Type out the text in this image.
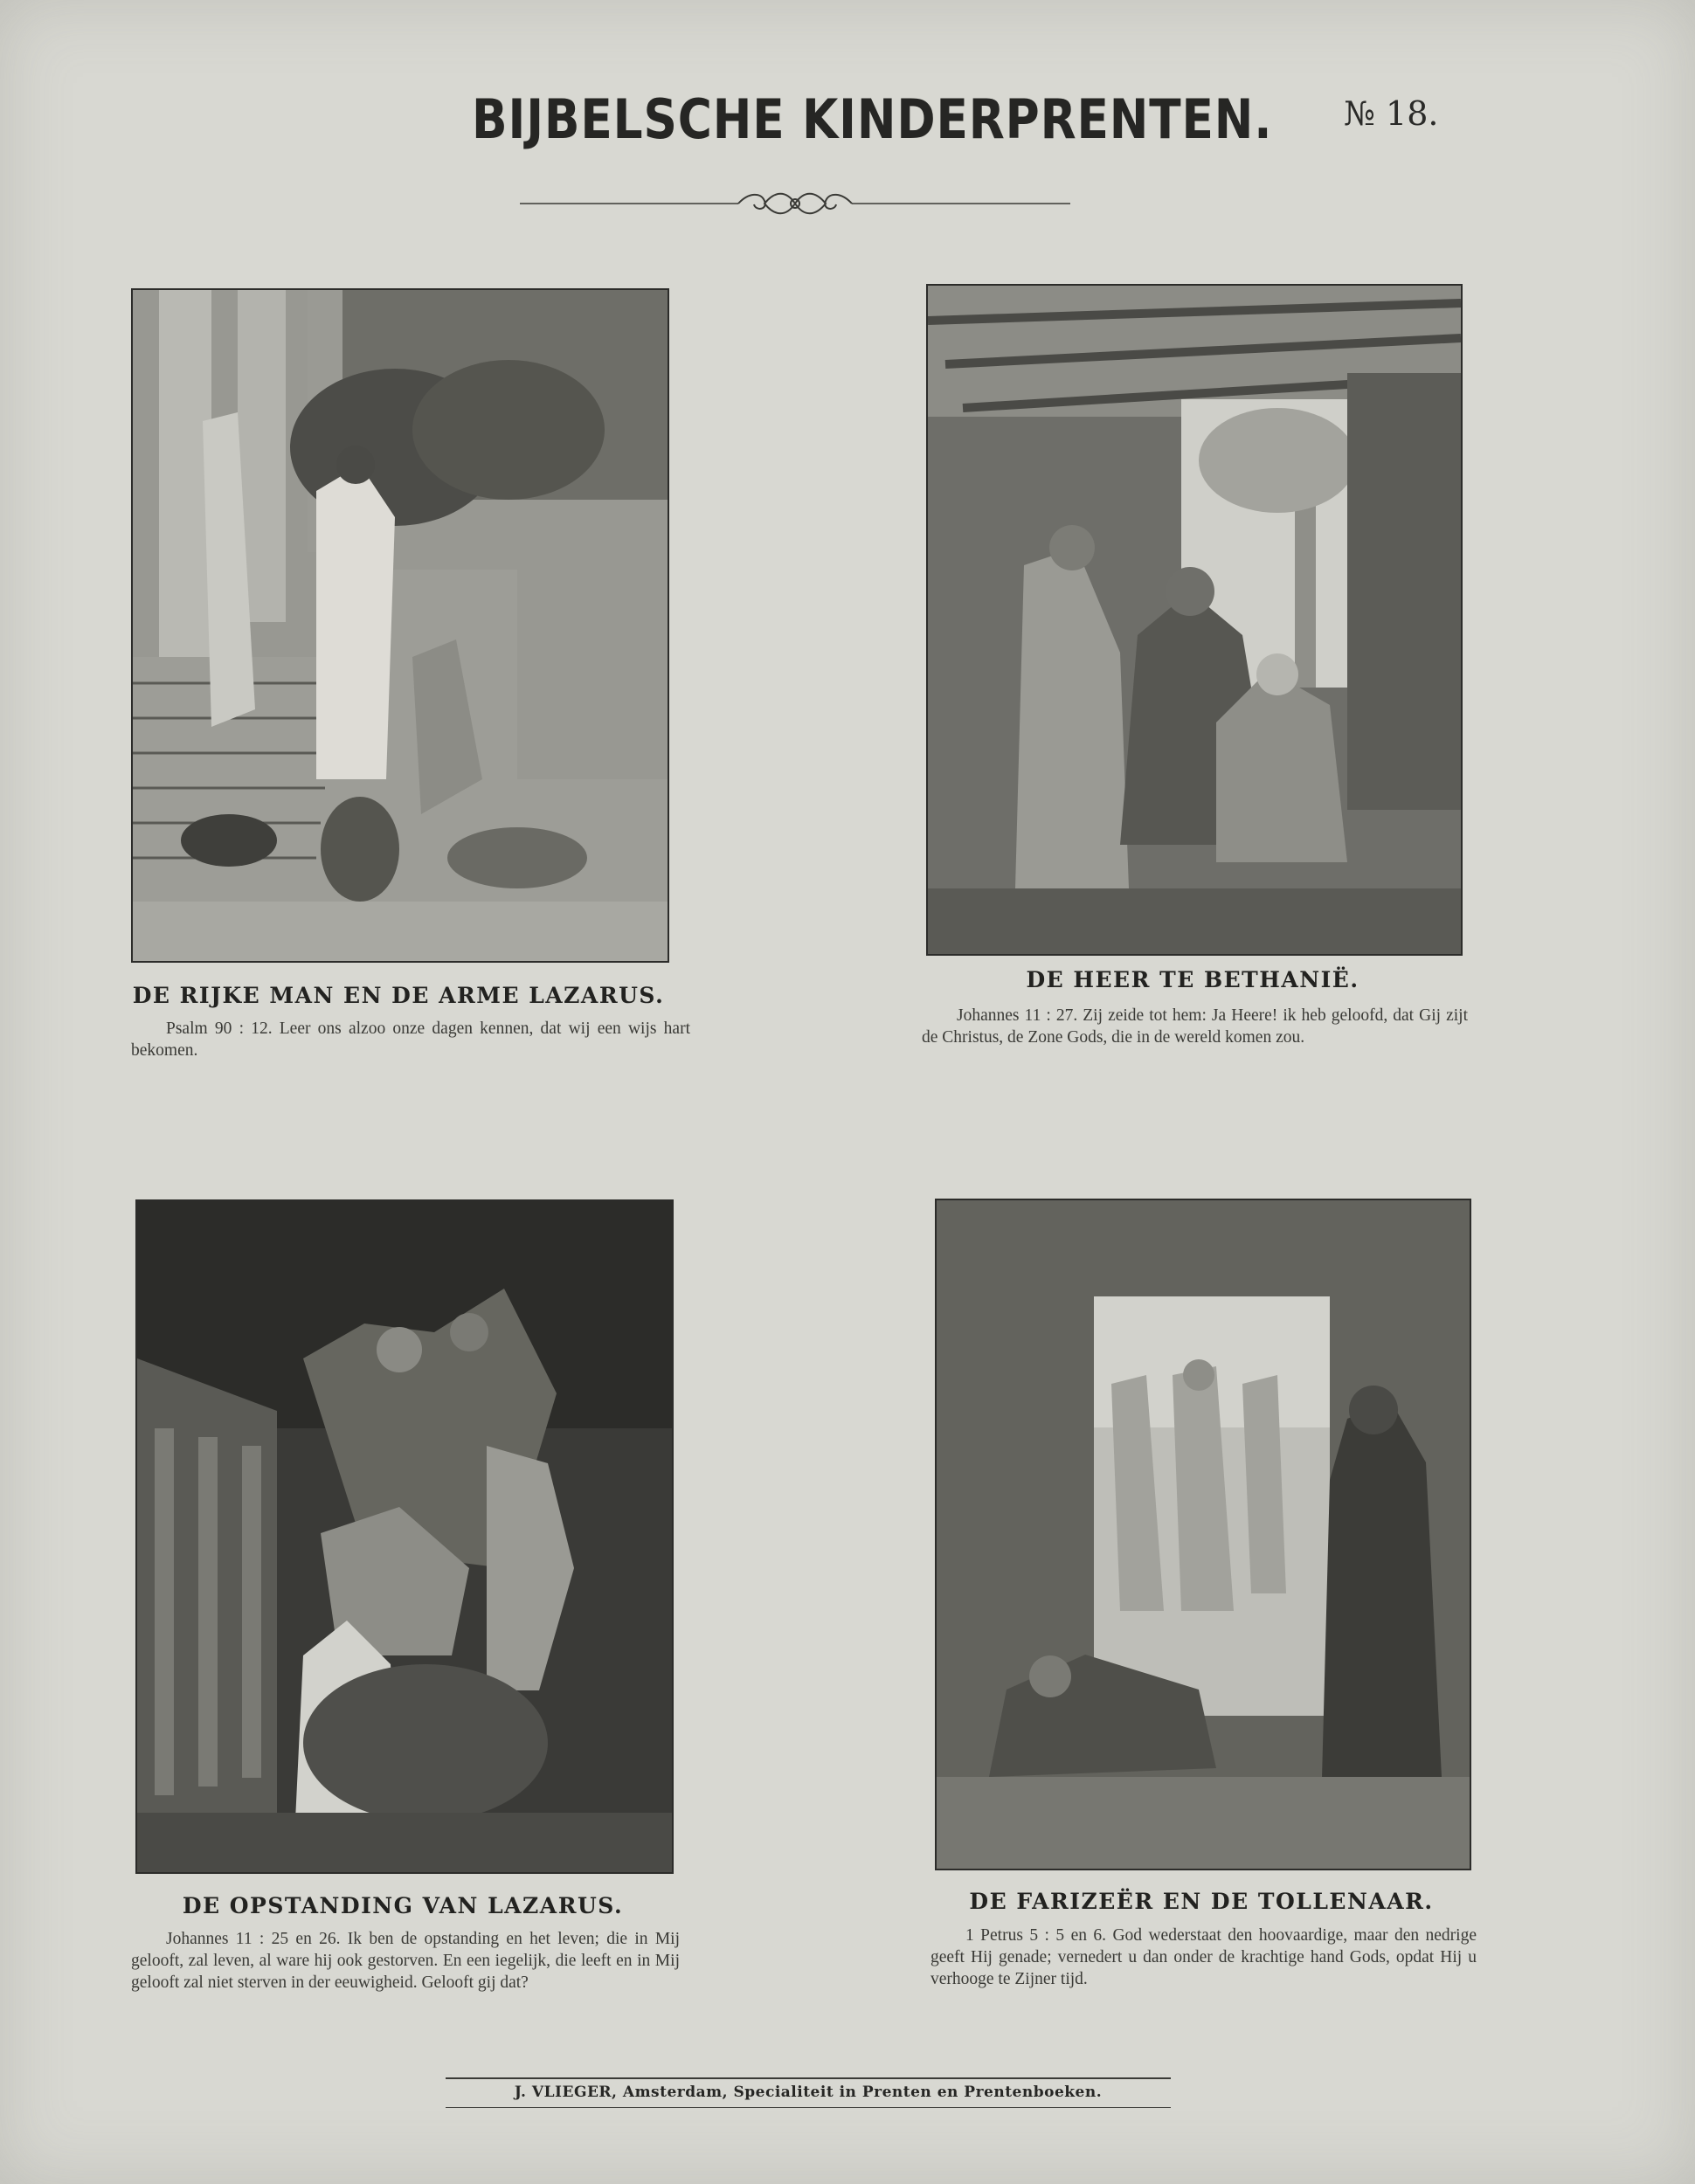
BIJBELSCHE KINDERPRENTEN. № 18.
DE RIJKE MAN EN DE ARME LAZARUS.
Psalm 90 : 12. Leer ons alzoo onze dagen kennen, dat wij een wijs hart bekomen.
DE HEER TE BETHANIË.
Johannes 11 : 27. Zij zeide tot hem: Ja Heere! ik heb geloofd, dat Gij zijt de Christus, de Zone Gods, die in de wereld komen zou.
DE OPSTANDING VAN LAZARUS.
Johannes 11 : 25 en 26. Ik ben de opstanding en het leven; die in Mij gelooft, zal leven, al ware hij ook gestorven. En een iegelijk, die leeft en in Mij gelooft zal niet sterven in der eeuwigheid. Gelooft gij dat?
DE FARIZEËR EN DE TOLLENAAR.
1 Petrus 5 : 5 en 6. God wederstaat den hoovaardige, maar den nedrige geeft Hij genade; vernedert u dan onder de krachtige hand Gods, opdat Hij u verhooge te Zijner tijd.
J. VLIEGER, Amsterdam, Specialiteit in Prenten en Prentenboeken.
